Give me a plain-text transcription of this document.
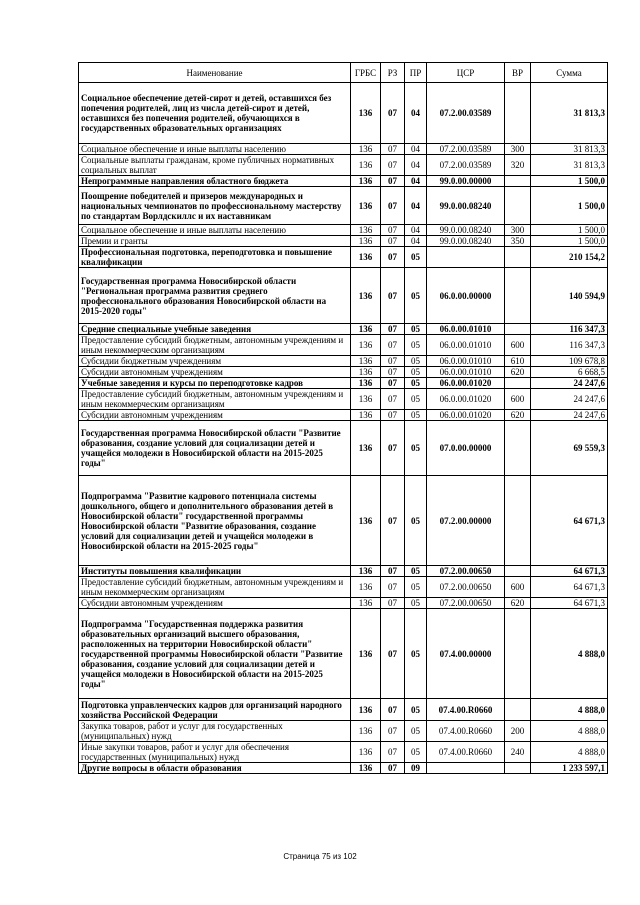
Наименование	ГРБС	РЗ	ПР	ЦСР	ВР	Сумма
Социальное обеспечение детей-сирот и детей, оставшихся без попечения родителей, лиц из числа детей-сирот и детей, оставшихся без попечения родителей, обучающихся в государственных образовательных организациях	136	07	04	07.2.00.03589		31 813,3
Социальное обеспечение и иные выплаты населению	136	07	04	07.2.00.03589	300	31 813,3
Социальные выплаты гражданам, кроме публичных нормативных социальных выплат	136	07	04	07.2.00.03589	320	31 813,3
Непрограммные направления областного бюджета	136	07	04	99.0.00.00000		1 500,0
Поощрение победителей и призеров международных и национальных чемпионатов по профессиональному мастерству по стандартам Ворлдскиллс и их наставникам	136	07	04	99.0.00.08240		1 500,0
Социальное обеспечение и иные выплаты населению	136	07	04	99.0.00.08240	300	1 500,0
Премии и гранты	136	07	04	99.0.00.08240	350	1 500,0
Профессиональная подготовка, переподготовка и повышение квалификации	136	07	05			210 154,2
Государственная программа Новосибирской области "Региональная программа развития среднего профессионального образования Новосибирской области на 2015-2020 годы"	136	07	05	06.0.00.00000		140 594,9
Средние специальные учебные заведения	136	07	05	06.0.00.01010		116 347,3
Предоставление субсидий бюджетным, автономным учреждениям и иным некоммерческим организациям	136	07	05	06.0.00.01010	600	116 347,3
Субсидии бюджетным учреждениям	136	07	05	06.0.00.01010	610	109 678,8
Субсидии автономным учреждениям	136	07	05	06.0.00.01010	620	6 668,5
Учебные заведения и курсы по переподготовке кадров	136	07	05	06.0.00.01020		24 247,6
Предоставление субсидий бюджетным, автономным учреждениям и иным некоммерческим организациям	136	07	05	06.0.00.01020	600	24 247,6
Субсидии автономным учреждениям	136	07	05	06.0.00.01020	620	24 247,6
Государственная программа Новосибирской области "Развитие образования, создание условий для социализации детей и учащейся молодежи в Новосибирской области на 2015-2025 годы"	136	07	05	07.0.00.00000		69 559,3
Подпрограмма "Развитие кадрового потенциала системы дошкольного, общего и дополнительного образования детей в Новосибирской области" государственной программы Новосибирской области "Развитие образования, создание условий для социализации детей и учащейся молодежи в Новосибирской области на 2015-2025 годы"	136	07	05	07.2.00.00000		64 671,3
Институты повышения квалификации	136	07	05	07.2.00.00650		64 671,3
Предоставление субсидий бюджетным, автономным учреждениям и иным некоммерческим организациям	136	07	05	07.2.00.00650	600	64 671,3
Субсидии автономным учреждениям	136	07	05	07.2.00.00650	620	64 671,3
Подпрограмма "Государственная поддержка развития образовательных организаций высшего образования, расположенных на территории Новосибирской области" государственной программы Новосибирской области "Развитие образования, создание условий для социализации детей и учащейся молодежи в Новосибирской области на 2015-2025 годы"	136	07	05	07.4.00.00000		4 888,0
Подготовка управленческих кадров для организаций народного хозяйства Российской Федерации	136	07	05	07.4.00.R0660		4 888,0
Закупка товаров, работ и услуг для государственных (муниципальных) нужд	136	07	05	07.4.00.R0660	200	4 888,0
Иные закупки товаров, работ и услуг для обеспечения государственных (муниципальных) нужд	136	07	05	07.4.00.R0660	240	4 888,0
Другие вопросы в области образования	136	07	09			1 233 597,1
Страница 75 из 102
